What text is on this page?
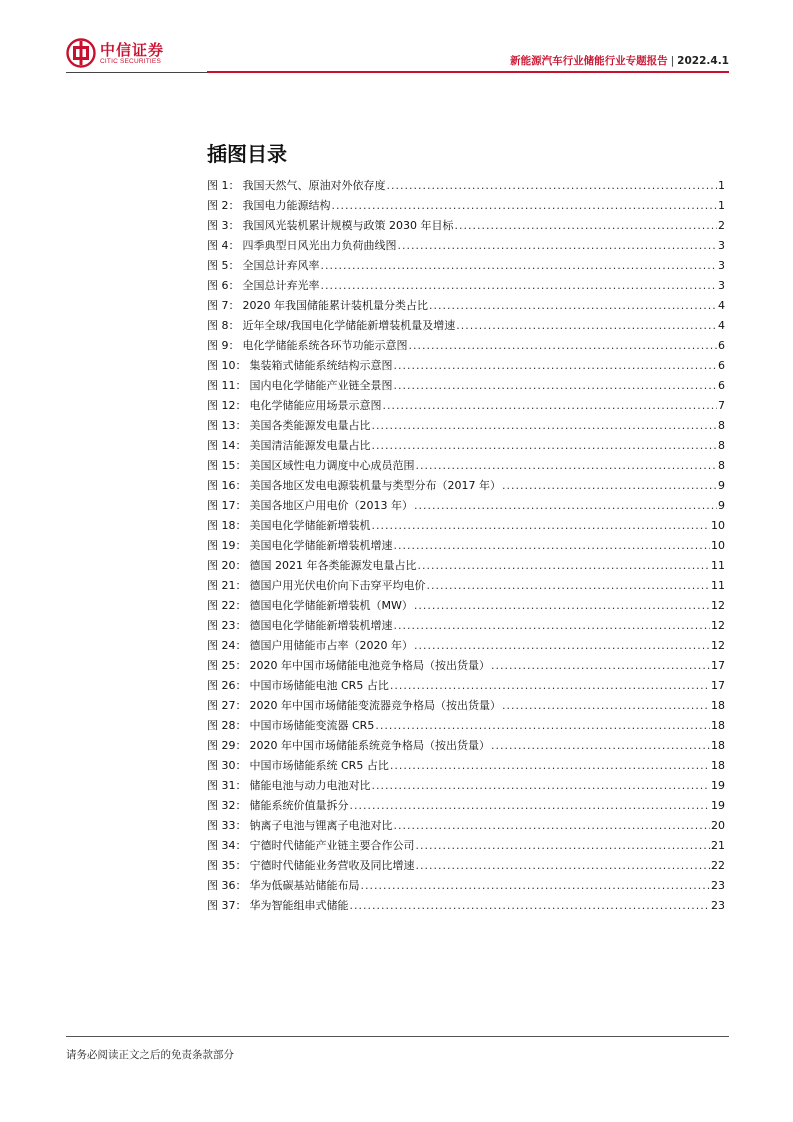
中信证券
CITIC SECURITIES	新能源汽车行业储能行业专题报告 | 2022.4.1
插图目录
图 1： 我国天然气、原油对外依存度 .....	1
图 2： 我国电力能源结构 .....	1
图 3： 我国风光装机累计规模与政策 2030 年目标 .....	2
图 4： 四季典型日风光出力负荷曲线图 .....	3
图 5： 全国总计弃风率 .....	3
图 6： 全国总计弃光率 .....	3
图 7： 2020 年我国储能累计装机量分类占比 .....	4
图 8： 近年全球/我国电化学储能新增装机量及增速 .....	4
图 9： 电化学储能系统各环节功能示意图 .....	6
图 10： 集装箱式储能系统结构示意图 .....	6
图 11： 国内电化学储能产业链全景图 .....	6
图 12： 电化学储能应用场景示意图 .....	7
图 13： 美国各类能源发电量占比 .....	8
图 14： 美国清洁能源发电量占比 .....	8
图 15： 美国区域性电力调度中心成员范围 .....	8
图 16： 美国各地区发电电源装机量与类型分布（2017 年） .....	9
图 17： 美国各地区户用电价（2013 年） .....	9
图 18： 美国电化学储能新增装机 .....	10
图 19： 美国电化学储能新增装机增速 .....	10
图 20： 德国 2021 年各类能源发电量占比 .....	11
图 21： 德国户用光伏电价向下击穿平均电价 .....	11
图 22： 德国电化学储能新增装机（MW） .....	12
图 23： 德国电化学储能新增装机增速 .....	12
图 24： 德国户用储能市占率（2020 年） .....	12
图 25： 2020 年中国市场储能电池竞争格局（按出货量） .....	17
图 26： 中国市场储能电池 CR5 占比 .....	17
图 27： 2020 年中国市场储能变流器竞争格局（按出货量） .....	18
图 28： 中国市场储能变流器 CR5 .....	18
图 29： 2020 年中国市场储能系统竞争格局（按出货量） .....	18
图 30： 中国市场储能系统 CR5 占比 .....	18
图 31： 储能电池与动力电池对比 .....	19
图 32： 储能系统价值量拆分 .....	19
图 33： 钠离子电池与锂离子电池对比 .....	20
图 34： 宁德时代储能产业链主要合作公司 .....	21
图 35： 宁德时代储能业务营收及同比增速 .....	22
图 36： 华为低碳基站储能布局 .....	23
图 37： 华为智能组串式储能 .....	23
请务必阅读正文之后的免责条款部分
